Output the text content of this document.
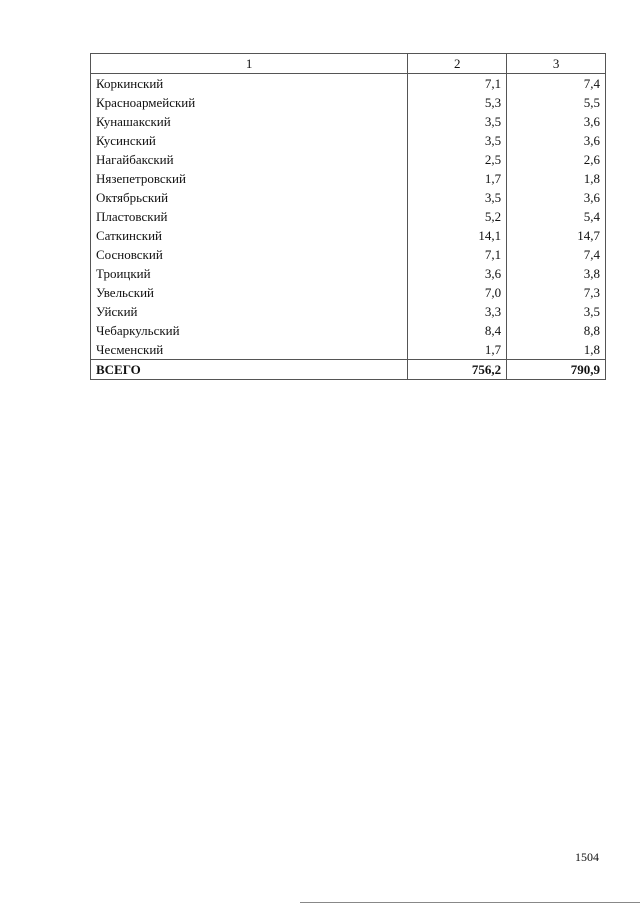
1	2	3
Коркинский	7,1	7,4
Красноармейский	5,3	5,5
Кунашакский	3,5	3,6
Кусинский	3,5	3,6
Нагайбакский	2,5	2,6
Нязепетровский	1,7	1,8
Октябрьский	3,5	3,6
Пластовский	5,2	5,4
Саткинский	14,1	14,7
Сосновский	7,1	7,4
Троицкий	3,6	3,8
Увельский	7,0	7,3
Уйский	3,3	3,5
Чебаркульский	8,4	8,8
Чесменский	1,7	1,8
ВСЕГО	756,2	790,9
1504
